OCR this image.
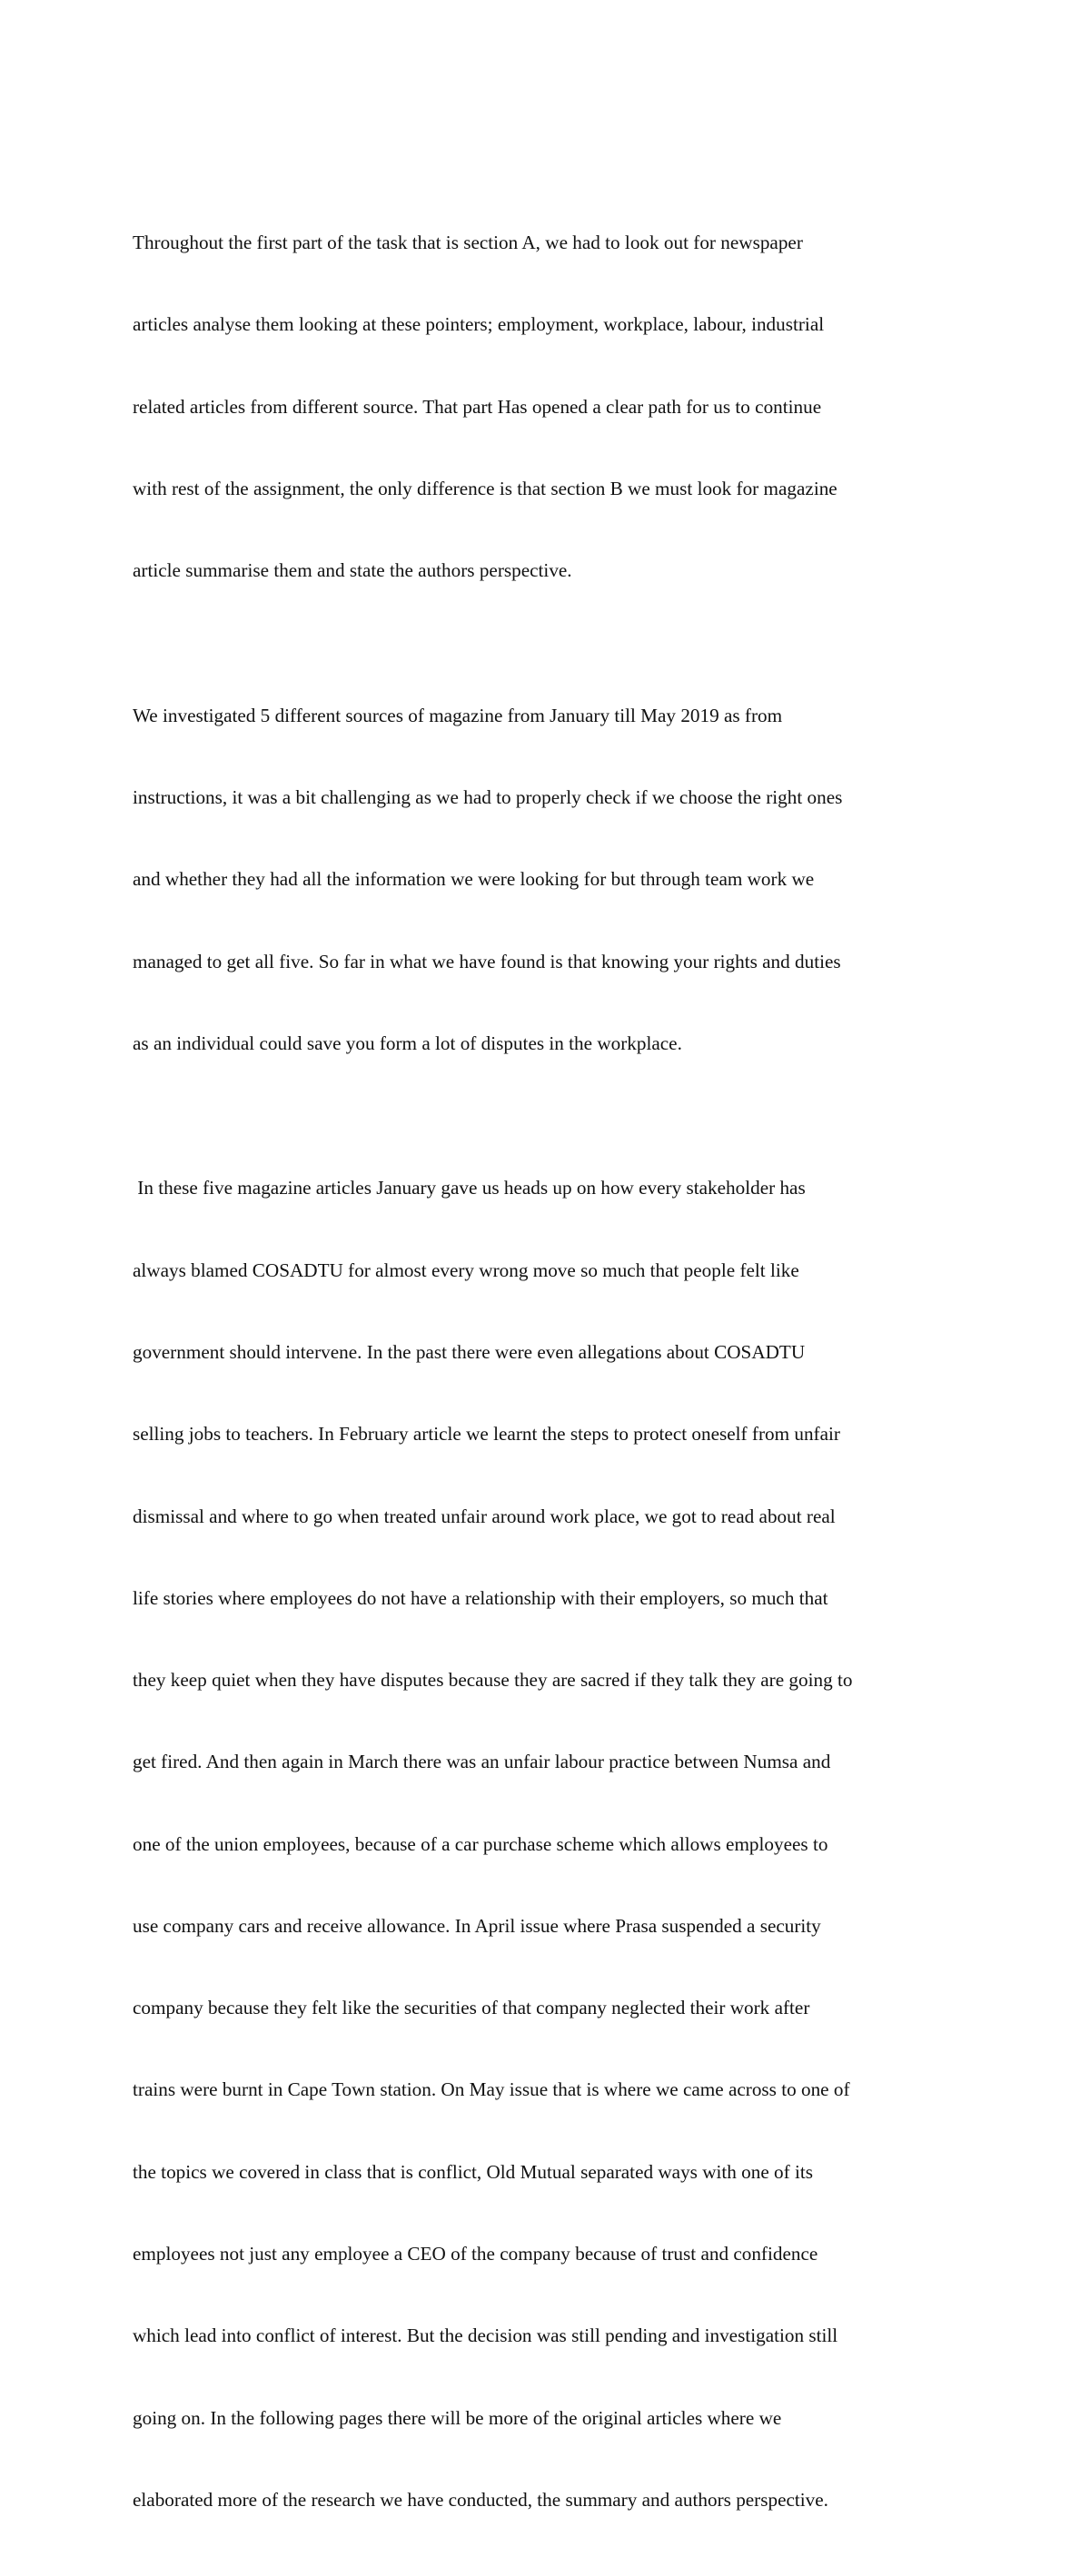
Throughout the first part of the task that is section A, we had to look out for newspaper

articles analyse them looking at these pointers; employment, workplace, labour, industrial

related articles from different source. That part Has opened a clear path for us to continue

with rest of the assignment, the only difference is that section B we must look for magazine

article summarise them and state the authors perspective.

We investigated 5 different sources of magazine from January till May 2019 as from

instructions, it was a bit challenging as we had to properly check if we choose the right ones

and whether they had all the information we were looking for but through team work we

managed to get all five. So far in what we have found is that knowing your rights and duties

as an individual could save you form a lot of disputes in the workplace.

In these five magazine articles January gave us heads up on how every stakeholder has

always blamed COSADTU for almost every wrong move so much that people felt like

government should intervene. In the past there were even allegations about COSADTU

selling jobs to teachers. In February article we learnt the steps to protect oneself from unfair

dismissal and where to go when treated unfair around work place, we got to read about real

life stories where employees do not have a relationship with their employers, so much that

they keep quiet when they have disputes because they are sacred if they talk they are going to

get fired. And then again in March there was an unfair labour practice between Numsa and

one of the union employees, because of a car purchase scheme which allows employees to

use company cars and receive allowance. In April issue where Prasa suspended a security

company because they felt like the securities of that company neglected their work after

trains were burnt in Cape Town station. On May issue that is where we came across to one of

the topics we covered in class that is conflict, Old Mutual separated ways with one of its

employees not just any employee a CEO of the company because of trust and confidence

which lead into conflict of interest. But the decision was still pending and investigation still

going on. In the following pages there will be more of the original articles where we

elaborated more of the research we have conducted, the summary and authors perspective.
